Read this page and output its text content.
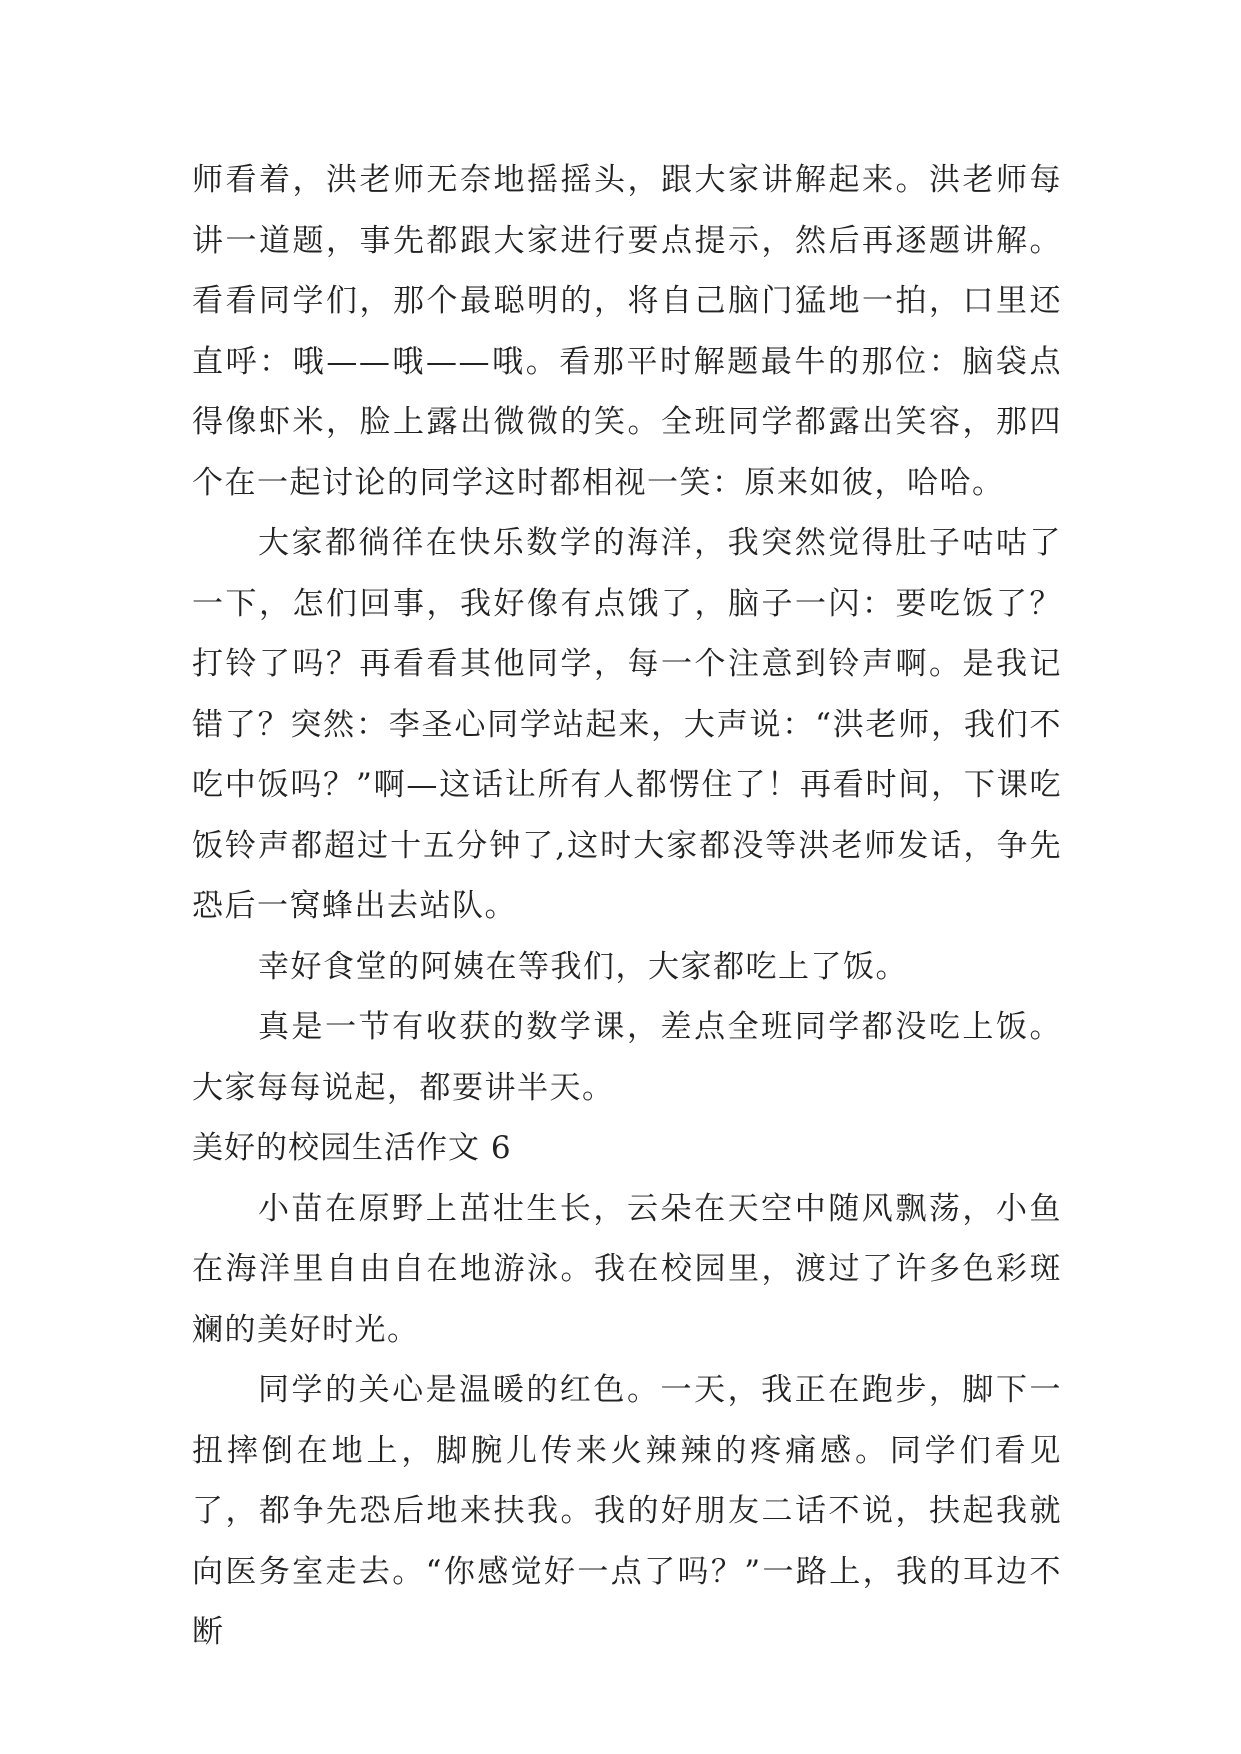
师看着，洪老师无奈地摇摇头，跟大家讲解起来。洪老师每讲一道题，事先都跟大家进行要点提示，然后再逐题讲解。看看同学们，那个最聪明的，将自己脑门猛地一拍，口里还直呼：哦——哦——哦。看那平时解题最牛的那位：脑袋点得像虾米，脸上露出微微的笑。全班同学都露出笑容，那四个在一起讨论的同学这时都相视一笑：原来如彼，哈哈。

大家都徜徉在快乐数学的海洋，我突然觉得肚子咕咕了一下，怎们回事，我好像有点饿了，脑子一闪：要吃饭了？打铃了吗？再看看其他同学，每一个注意到铃声啊。是我记错了？突然：李圣心同学站起来，大声说：“洪老师，我们不吃中饭吗？”啊—这话让所有人都愣住了！再看时间，下课吃饭铃声都超过十五分钟了,这时大家都没等洪老师发话，争先恐后一窝蜂出去站队。

幸好食堂的阿姨在等我们，大家都吃上了饭。

真是一节有收获的数学课，差点全班同学都没吃上饭。大家每每说起，都要讲半天。

美好的校园生活作文 6

小苗在原野上茁壮生长，云朵在天空中随风飘荡，小鱼在海洋里自由自在地游泳。我在校园里，渡过了许多色彩斑斓的美好时光。

同学的关心是温暖的红色。一天，我正在跑步，脚下一扭摔倒在地上，脚腕儿传来火辣辣的疼痛感。同学们看见了，都争先恐后地来扶我。我的好朋友二话不说，扶起我就向医务室走去。“你感觉好一点了吗？”一路上，我的耳边不断
